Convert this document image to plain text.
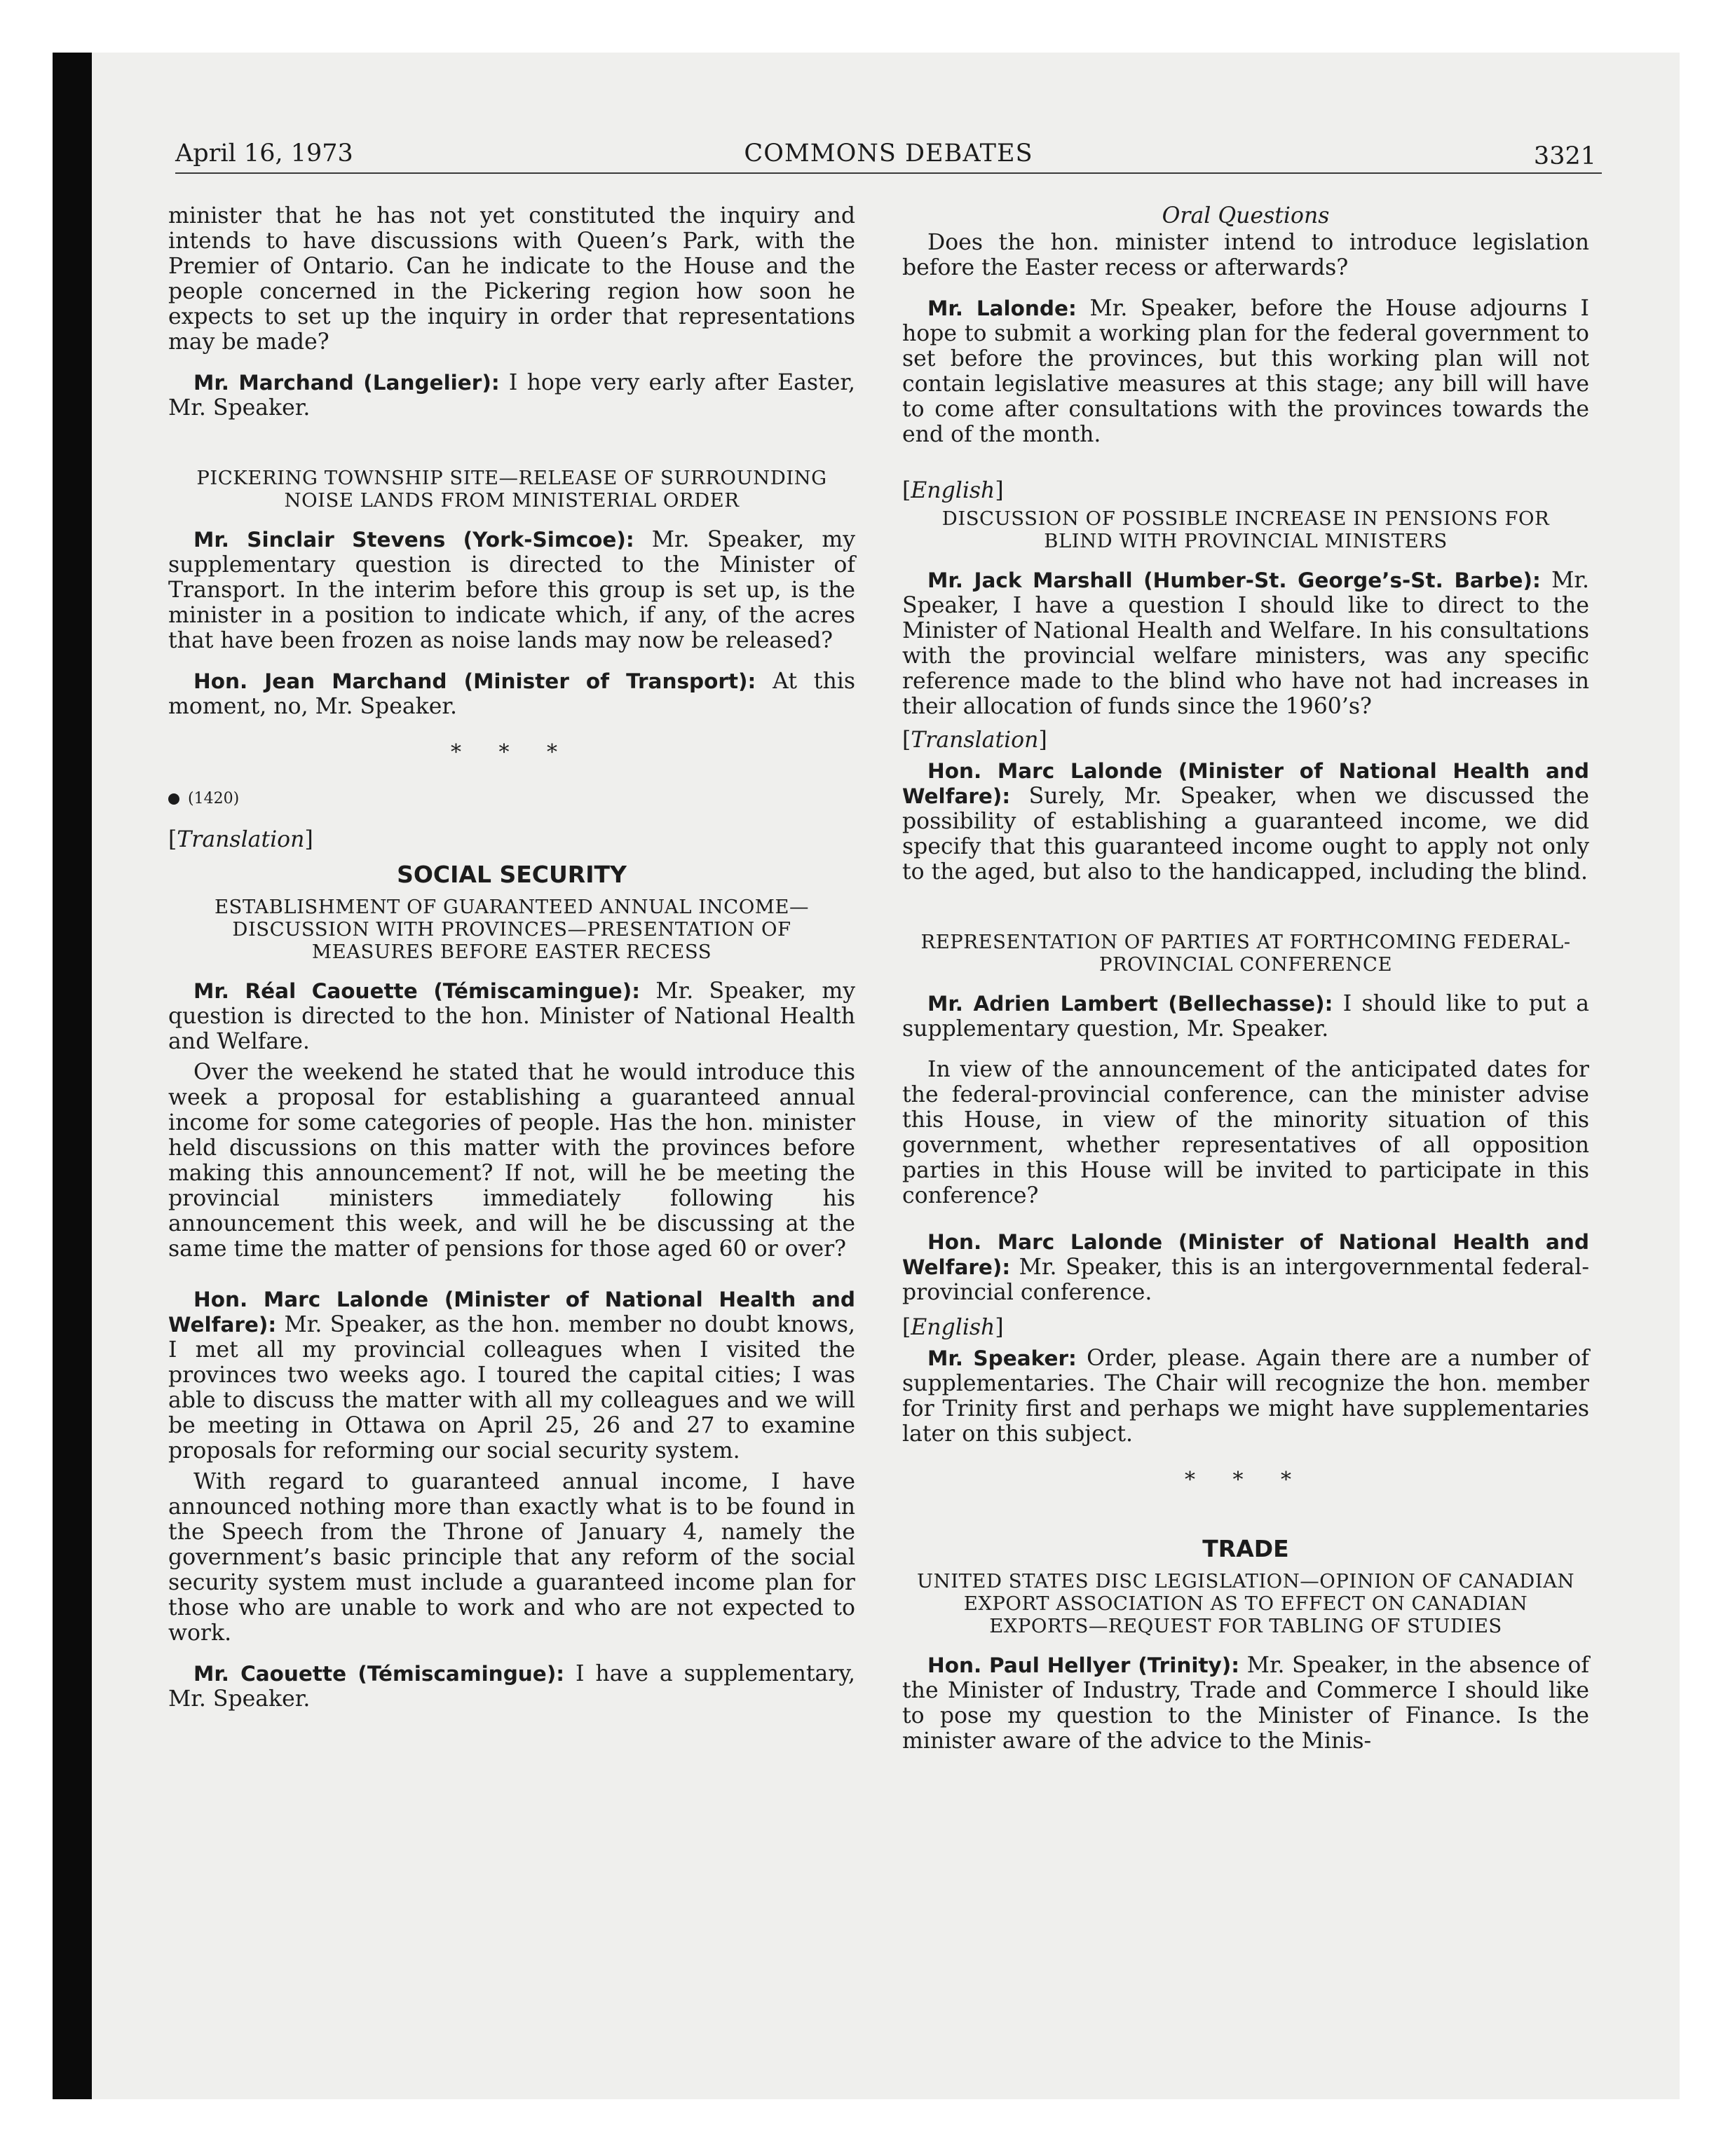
April 16, 1973	COMMONS DEBATES	3321

minister that he has not yet constituted the inquiry and intends to have discussions with Queen’s Park, with the Premier of Ontario. Can he indicate to the House and the people concerned in the Pickering region how soon he expects to set up the inquiry in order that representations may be made?

Mr. Marchand (Langelier): I hope very early after Easter, Mr. Speaker.

PICKERING TOWNSHIP SITE—RELEASE OF SURROUNDING NOISE LANDS FROM MINISTERIAL ORDER

Mr. Sinclair Stevens (York-Simcoe): Mr. Speaker, my supplementary question is directed to the Minister of Transport. In the interim before this group is set up, is the minister in a position to indicate which, if any, of the acres that have been frozen as noise lands may now be released?

Hon. Jean Marchand (Minister of Transport): At this moment, no, Mr. Speaker.

* * *
(1420)
[Translation]
SOCIAL SECURITY
ESTABLISHMENT OF GUARANTEED ANNUAL INCOME—DISCUSSION WITH PROVINCES—PRESENTATION OF MEASURES BEFORE EASTER RECESS

Mr. Réal Caouette (Témiscamingue): Mr. Speaker, my question is directed to the hon. Minister of National Health and Welfare.

Over the weekend he stated that he would introduce this week a proposal for establishing a guaranteed annual income for some categories of people. Has the hon. minister held discussions on this matter with the provinces before making this announcement? If not, will he be meeting the provincial ministers immediately following his announcement this week, and will he be discussing at the same time the matter of pensions for those aged 60 or over?

Hon. Marc Lalonde (Minister of National Health and Welfare): Mr. Speaker, as the hon. member no doubt knows, I met all my provincial colleagues when I visited the provinces two weeks ago. I toured the capital cities; I was able to discuss the matter with all my colleagues and we will be meeting in Ottawa on April 25, 26 and 27 to examine proposals for reforming our social security system.

With regard to guaranteed annual income, I have announced nothing more than exactly what is to be found in the Speech from the Throne of January 4, namely the government’s basic principle that any reform of the social security system must include a guaranteed income plan for those who are unable to work and who are not expected to work.

Mr. Caouette (Témiscamingue): I have a supplementary, Mr. Speaker.

Oral Questions

Does the hon. minister intend to introduce legislation before the Easter recess or afterwards?

Mr. Lalonde: Mr. Speaker, before the House adjourns I hope to submit a working plan for the federal government to set before the provinces, but this working plan will not contain legislative measures at this stage; any bill will have to come after consultations with the provinces towards the end of the month.

[English]
DISCUSSION OF POSSIBLE INCREASE IN PENSIONS FOR BLIND WITH PROVINCIAL MINISTERS

Mr. Jack Marshall (Humber-St. George’s-St. Barbe): Mr. Speaker, I have a question I should like to direct to the Minister of National Health and Welfare. In his consultations with the provincial welfare ministers, was any specific reference made to the blind who have not had increases in their allocation of funds since the 1960’s?

[Translation]

Hon. Marc Lalonde (Minister of National Health and Welfare): Surely, Mr. Speaker, when we discussed the possibility of establishing a guaranteed income, we did specify that this guaranteed income ought to apply not only to the aged, but also to the handicapped, including the blind.

REPRESENTATION OF PARTIES AT FORTHCOMING FEDERAL-PROVINCIAL CONFERENCE

Mr. Adrien Lambert (Bellechasse): I should like to put a supplementary question, Mr. Speaker.

In view of the announcement of the anticipated dates for the federal-provincial conference, can the minister advise this House, in view of the minority situation of this government, whether representatives of all opposition parties in this House will be invited to participate in this conference?

Hon. Marc Lalonde (Minister of National Health and Welfare): Mr. Speaker, this is an intergovernmental federal-provincial conference.

[English]

Mr. Speaker: Order, please. Again there are a number of supplementaries. The Chair will recognize the hon. member for Trinity first and perhaps we might have supplementaries later on this subject.

* * *
TRADE
UNITED STATES DISC LEGISLATION—OPINION OF CANADIAN EXPORT ASSOCIATION AS TO EFFECT ON CANADIAN EXPORTS—REQUEST FOR TABLING OF STUDIES

Hon. Paul Hellyer (Trinity): Mr. Speaker, in the absence of the Minister of Industry, Trade and Commerce I should like to pose my question to the Minister of Finance. Is the minister aware of the advice to the Minis-
